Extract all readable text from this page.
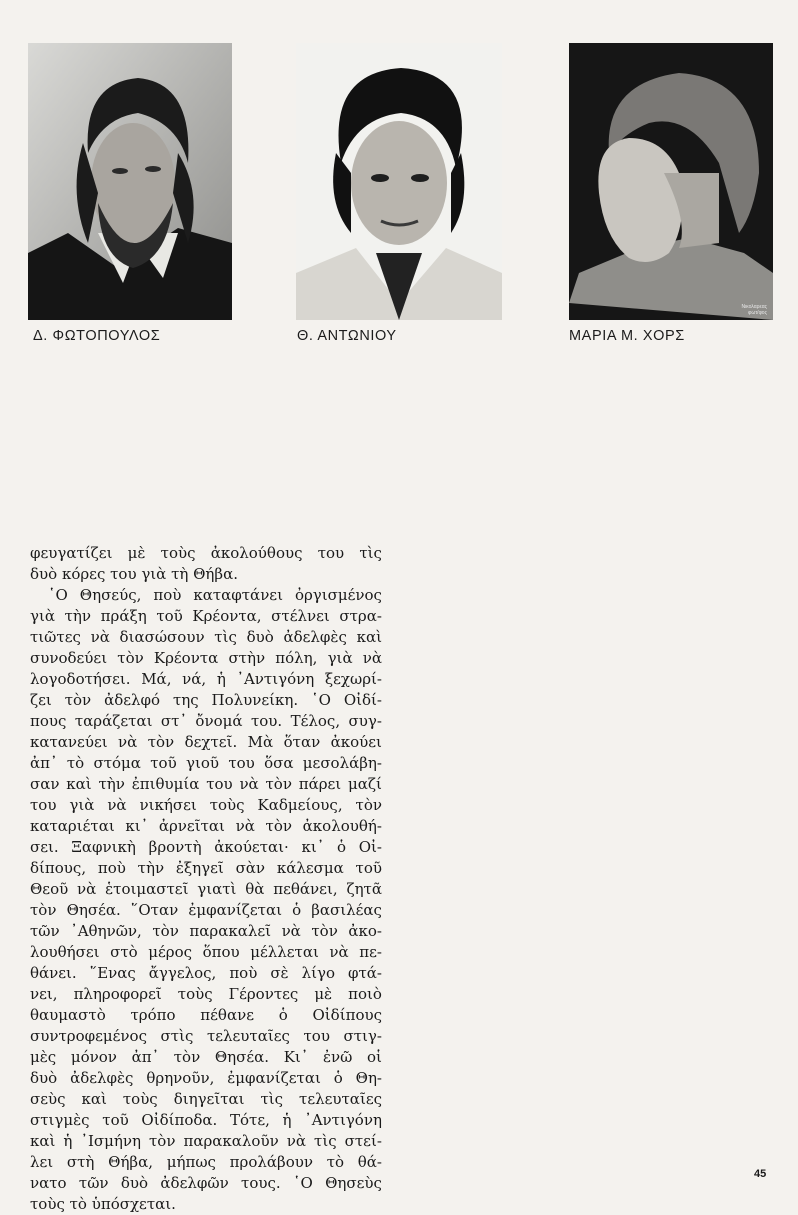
Νικολαρεας
φωτ/φος
Δ. ΦΩΤΟΠΟΥΛΟΣ	Θ. ΑΝΤΩΝΙΟΥ	ΜΑΡΙΑ Μ. ΧΟΡΣ
φευγατίζει μὲ τοὺς ἀκολούθους του τὶς
δυὸ κόρες του γιὰ τὴ Θήβα.
῾Ο Θησεύς, ποὺ καταφτάνει ὀργισμένος
γιὰ τὴν πράξη τοῦ Κρέοντα, στέλνει στρα-
τιῶτες νὰ διασώσουν τὶς δυὸ ἀδελφὲς καὶ
συνοδεύει τὸν Κρέοντα στὴν πόλη, γιὰ νὰ
λογοδοτήσει. Μά, νά, ἡ ᾿Αντιγόνη ξεχωρί-
ζει τὸν ἀδελφό της Πολυνείκη. ῾Ο Οἰδί-
πους ταράζεται στ᾿ ὄνομά του. Τέλος, συγ-
κατανεύει νὰ τὸν δεχτεῖ. Μὰ ὅταν ἀκούει
ἀπ᾿ τὸ στόμα τοῦ γιοῦ του ὅσα μεσολάβη-
σαν καὶ τὴν ἐπιθυμία του νὰ τὸν πάρει μαζί
του γιὰ νὰ νικήσει τοὺς Καδμείους, τὸν
καταριέται κι᾿ ἀρνεῖται νὰ τὸν ἀκολουθή-
σει. Ξαφνικὴ βροντὴ ἀκούεται· κι᾿ ὁ Οἰ-
δίπους, ποὺ τὴν ἐξηγεῖ σὰν κάλεσμα τοῦ
Θεοῦ νὰ ἑτοιμαστεῖ γιατὶ θὰ πεθάνει, ζητᾶ
τὸν Θησέα. ῞Οταν ἐμφανίζεται ὁ βασιλέας
τῶν ᾿Αθηνῶν, τὸν παρακαλεῖ νὰ τὸν ἀκο-
λουθήσει στὸ μέρος ὅπου μέλλεται νὰ πε-
θάνει. ῞Ενας ἄγγελος, ποὺ σὲ λίγο φτά-
νει, πληροφορεῖ τοὺς Γέροντες μὲ ποιὸ
θαυμαστὸ τρόπο πέθανε ὁ Οἰδίπους
συντροφεμένος στὶς τελευταῖες του στιγ-
μὲς μόνον ἀπ᾿ τὸν Θησέα. Κι᾿ ἐνῶ οἱ
δυὸ ἀδελφὲς θρηνοῦν, ἐμφανίζεται ὁ Θη-
σεὺς καὶ τοὺς διηγεῖται τὶς τελευταῖες
στιγμὲς τοῦ Οἰδίποδα. Τότε, ἡ ᾿Αντιγόνη
καὶ ἡ ᾿Ισμήνη τὸν παρακαλοῦν νὰ τὶς στεί-
λει στὴ Θήβα, μήπως προλάβουν τὸ θά-
νατο τῶν δυὸ ἀδελφῶν τους. ῾Ο Θησεὺς
τοὺς τὸ ὑπόσχεται.
45
